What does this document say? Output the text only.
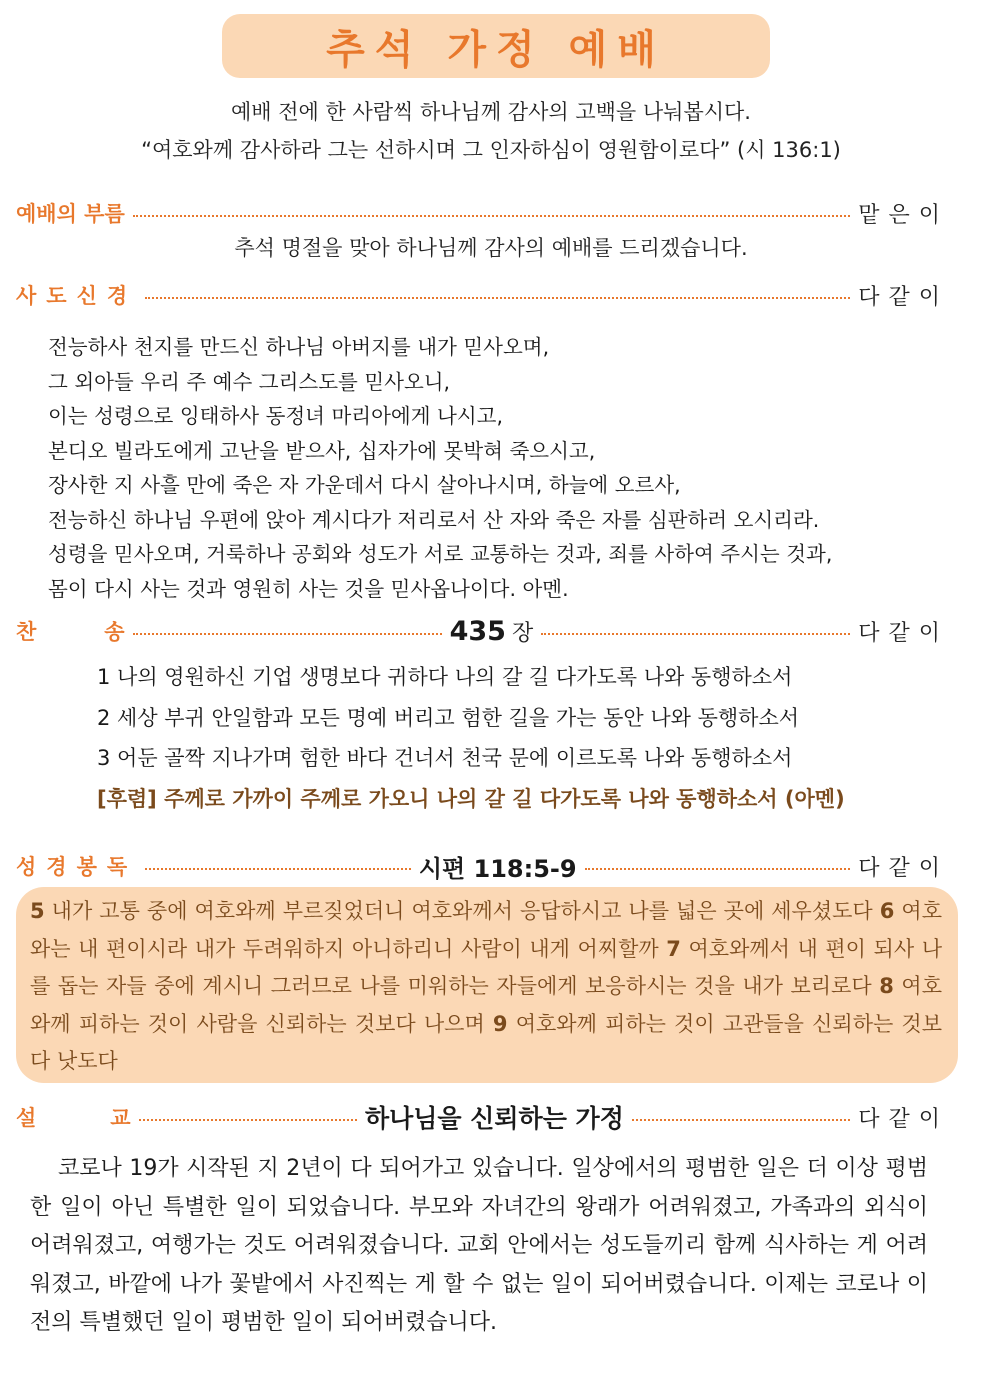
추석 가정 예배
예배 전에 한 사람씩 하나님께 감사의 고백을 나눠봅시다.
“여호와께 감사하라 그는 선하시며 그 인자하심이 영원함이로다” (시 136:1)
예배의 부름	맡은이
추석 명절을 맞아 하나님께 감사의 예배를 드리겠습니다.
사도신경	다같이
전능하사 천지를 만드신 하나님 아버지를 내가 믿사오며,
그 외아들 우리 주 예수 그리스도를 믿사오니,
이는 성령으로 잉태하사 동정녀 마리아에게 나시고,
본디오 빌라도에게 고난을 받으사, 십자가에 못박혀 죽으시고,
장사한 지 사흘 만에 죽은 자 가운데서 다시 살아나시며, 하늘에 오르사,
전능하신 하나님 우편에 앉아 계시다가 저리로서 산 자와 죽은 자를 심판하러 오시리라.
성령을 믿사오며, 거룩하나 공회와 성도가 서로 교통하는 것과, 죄를 사하여 주시는 것과,
몸이 다시 사는 것과 영원히 사는 것을 믿사옵나이다. 아멘.
찬	송	435 장	다같이
1 나의 영원하신 기업 생명보다 귀하다 나의 갈 길 다가도록 나와 동행하소서
2 세상 부귀 안일함과 모든 명예 버리고 험한 길을 가는 동안 나와 동행하소서
3 어둔 골짝 지나가며 험한 바다 건너서 천국 문에 이르도록 나와 동행하소서
[후렴] 주께로 가까이 주께로 가오니 나의 갈 길 다가도록 나와 동행하소서 (아멘)
성경봉독	시편 118:5-9	다같이
5 내가 고통 중에 여호와께 부르짖었더니 여호와께서 응답하시고 나를 넓은 곳에 세우셨도다 6 여호와는 내 편이시라 내가 두려워하지 아니하리니 사람이 내게 어찌할까 7 여호와께서 내 편이 되사 나를 돕는 자들 중에 계시니 그러므로 나를 미워하는 자들에게 보응하시는 것을 내가 보리로다 8 여호와께 피하는 것이 사람을 신뢰하는 것보다 나으며 9 여호와께 피하는 것이 고관들을 신뢰하는 것보다 낫도다
설	교	하나님을 신뢰하는 가정	다같이
코로나 19가 시작된 지 2년이 다 되어가고 있습니다. 일상에서의 평범한 일은 더 이상 평범한 일이 아닌 특별한 일이 되었습니다. 부모와 자녀간의 왕래가 어려워졌고, 가족과의 외식이 어려워졌고, 여행가는 것도 어려워졌습니다. 교회 안에서는 성도들끼리 함께 식사하는 게 어려워졌고, 바깥에 나가 꽃밭에서 사진찍는 게 할 수 없는 일이 되어버렸습니다. 이제는 코로나 이전의 특별했던 일이 평범한 일이 되어버렸습니다.
